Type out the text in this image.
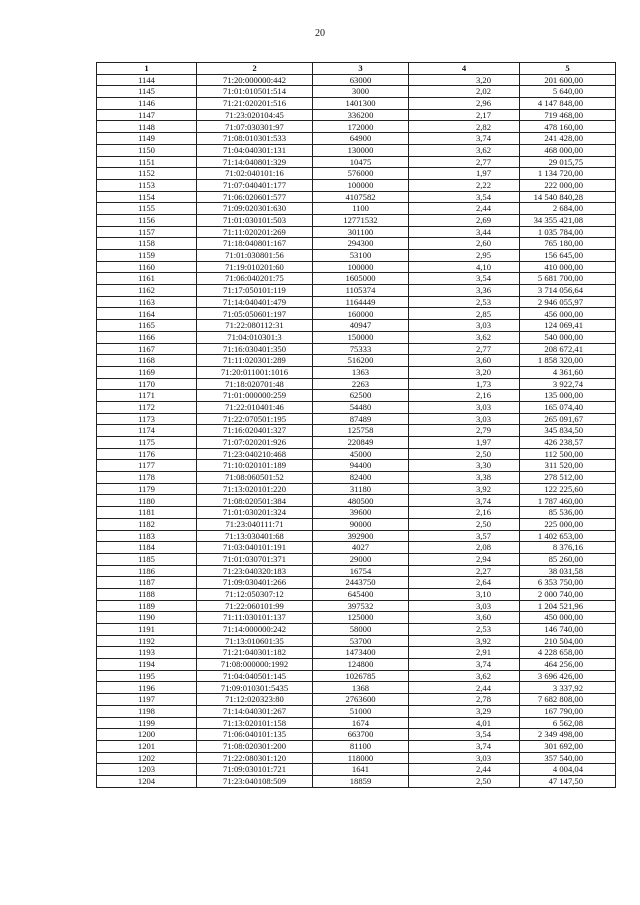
20
1	2	3	4	5
1144	71:20:000000:442	63000	3,20	201 600,00
1145	71:01:010501:514	3000	2,02	5 640,00
1146	71:21:020201:516	1401300	2,96	4 147 848,00
1147	71:23:020104:45	336200	2,17	719 468,00
1148	71:07:030301:97	172000	2,82	478 160,00
1149	71:08:010301:533	64900	3,74	241 428,00
1150	71:04:040301:131	130000	3,62	468 000,00
1151	71:14:040801:329	10475	2,77	29 015,75
1152	71:02:040101:16	576000	1,97	1 134 720,00
1153	71:07:040401:177	100000	2,22	222 000,00
1154	71:06:020601:577	4107582	3,54	14 540 840,28
1155	71:09:020301:630	1100	2,44	2 684,00
1156	71:01:030101:503	12771532	2,69	34 355 421,08
1157	71:11:020201:269	301100	3,44	1 035 784,00
1158	71:18:040801:167	294300	2,60	765 180,00
1159	71:01:030801:56	53100	2,95	156 645,00
1160	71:19:010201:60	100000	4,10	410 000,00
1161	71:06:040201:75	1605000	3,54	5 681 700,00
1162	71:17:050101:119	1105374	3,36	3 714 056,64
1163	71:14:040401:479	1164449	2,53	2 946 055,97
1164	71:05:050601:197	160000	2,85	456 000,00
1165	71:22:080112:31	40947	3,03	124 069,41
1166	71:04:010301:3	150000	3,62	540 000,00
1167	71:16:030401:350	75333	2,77	208 672,41
1168	71:11:020301:289	516200	3,60	1 858 320,00
1169	71:20:011001:1016	1363	3,20	4 361,60
1170	71:18:020701:48	2263	1,73	3 922,74
1171	71:01:000000:259	62500	2,16	135 000,00
1172	71:22:010401:46	54480	3,03	165 074,40
1173	71:22:070501:195	87489	3,03	265 091,67
1174	71:16:020401:327	125758	2,79	345 834,50
1175	71:07:020201:926	220849	1,97	426 238,57
1176	71:23:040210:468	45000	2,50	112 500,00
1177	71:10:020101:189	94400	3,30	311 520,00
1178	71:08:060501:52	82400	3,38	278 512,00
1179	71:13:020101:220	31180	3,92	122 225,60
1180	71:08:020501:384	480500	3,74	1 787 460,00
1181	71:01:030201:324	39600	2,16	85 536,00
1182	71:23:040111:71	90000	2,50	225 000,00
1183	71:13:030401:68	392900	3,57	1 402 653,00
1184	71:03:040101:191	4027	2,08	8 376,16
1185	71:01:030701:371	29000	2,94	85 260,00
1186	71:23:040320:183	16754	2,27	38 031,58
1187	71:09:030401:266	2443750	2,64	6 353 750,00
1188	71:12:050307:12	645400	3,10	2 000 740,00
1189	71:22:060101:99	397532	3,03	1 204 521,96
1190	71:11:030101:137	125000	3,60	450 000,00
1191	71:14:000000:242	58000	2,53	146 740,00
1192	71:13:010601:35	53700	3,92	210 504,00
1193	71:21:040301:182	1473400	2,91	4 228 658,00
1194	71:08:000000:1992	124800	3,74	464 256,00
1195	71:04:040501:145	1026785	3,62	3 696 426,00
1196	71:09:010301:5435	1368	2,44	3 337,92
1197	71:12:020323:80	2763600	2,78	7 682 808,00
1198	71:14:040301:267	51000	3,29	167 790,00
1199	71:13:020101:158	1674	4,01	6 562,08
1200	71:06:040101:135	663700	3,54	2 349 498,00
1201	71:08:020301:200	81100	3,74	301 692,00
1202	71:22:080301:120	118000	3,03	357 540,00
1203	71:09:030101:721	1641	2,44	4 004,04
1204	71:23:040108:509	18859	2,50	47 147,50
